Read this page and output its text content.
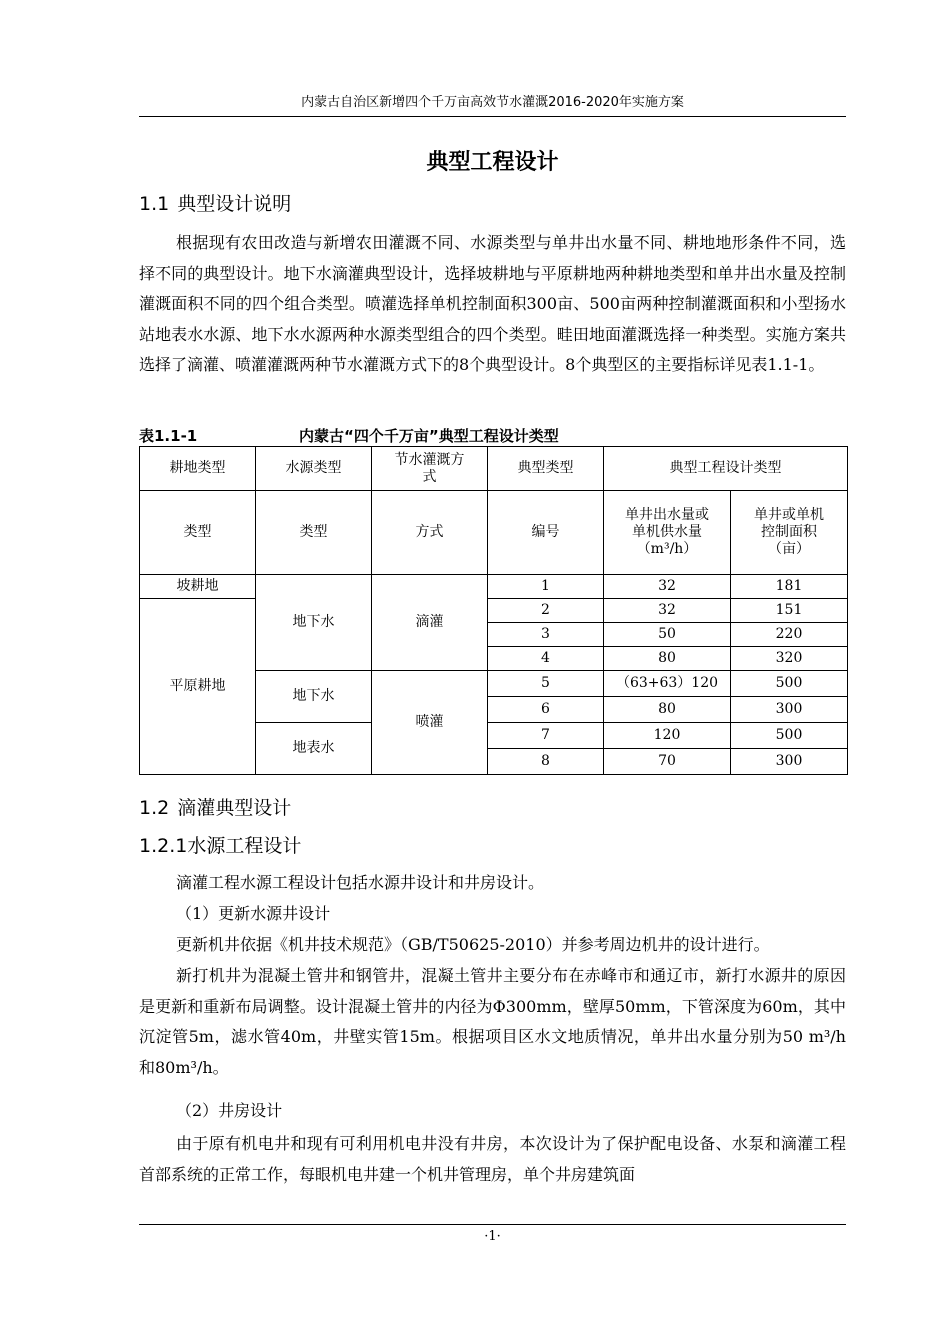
内蒙古自治区新增四个千万亩高效节水灌溉2016-2020年实施方案
典型工程设计
1.1 典型设计说明
根据现有农田改造与新增农田灌溉不同、水源类型与单井出水量不同、耕地地形条件不同，选择不同的典型设计。地下水滴灌典型设计，选择坡耕地与平原耕地两种耕地类型和单井出水量及控制灌溉面积不同的四个组合类型。喷灌选择单机控制面积300亩、500亩两种控制灌溉面积和小型扬水站地表水水源、地下水水源两种水源类型组合的四个类型。畦田地面灌溉选择一种类型。实施方案共选择了滴灌、喷灌灌溉两种节水灌溉方式下的8个典型设计。8个典型区的主要指标详见表1.1-1。
表1.1-1	内蒙古“四个千万亩”典型工程设计类型
耕地类型	水源类型	节水灌溉方式	典型类型	典型工程设计类型	
类型	类型	方式	编号	单井出水量或单机供水量（m³/h）	单井或单机控制面积（亩）

坡耕地	地下水	滴灌	1	32	181
平原耕地			2	32	151
			3	50	220
			4	80	320
	地下水	喷灌	5	（63+63）120	500
			6	80	300
	地表水		7	120	500
			8	70	300
1.2 滴灌典型设计
1.2.1水源工程设计
滴灌工程水源工程设计包括水源井设计和井房设计。
（1）更新水源井设计
更新机井依据《机井技术规范》（GB/T50625-2010）并参考周边机井的设计进行。
新打机井为混凝土管井和钢管井，混凝土管井主要分布在赤峰市和通辽市，新打水源井的原因是更新和重新布局调整。设计混凝土管井的内径为Φ300mm，壁厚50mm，下管深度为60m，其中沉淀管5m，滤水管40m，井壁实管15m。根据项目区水文地质情况，单井出水量分别为50 m³/h 和80m³/h。
（2）井房设计
由于原有机电井和现有可利用机电井没有井房，本次设计为了保护配电设备、水泵和滴灌工程首部系统的正常工作，每眼机电井建一个机井管理房，单个井房建筑面
·1·
